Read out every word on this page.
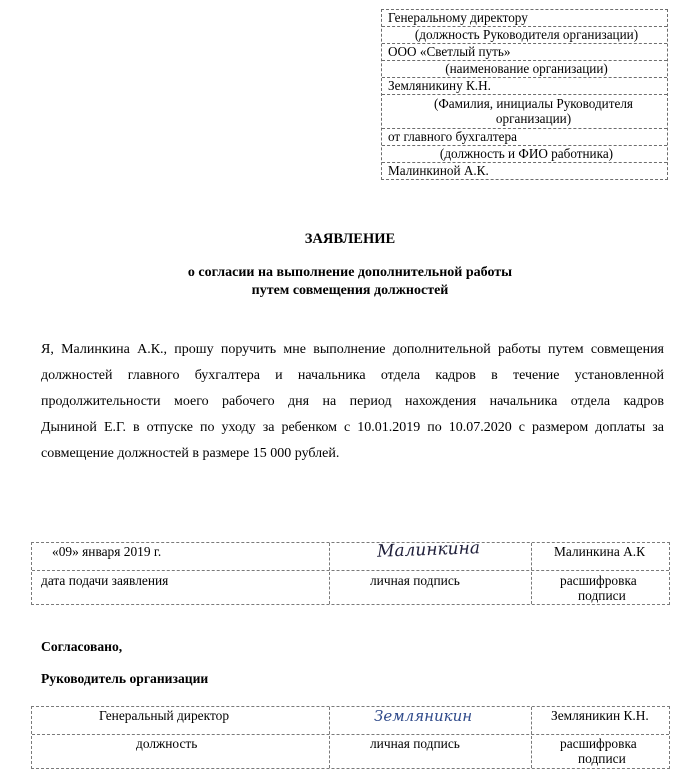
Генеральному директору
(должность Руководителя организации)
ООО «Светлый путь»
(наименование организации)
Земляникину К.Н.
(Фамилия, инициалы Руководителя организации)
от главного бухгалтера
(должность и ФИО работника)
Малинкиной А.К.
ЗАЯВЛЕНИЕ
о согласии на выполнение дополнительной работы
путем совмещения должностей
Я, Малинкина А.К., прошу поручить мне выполнение дополнительной работы путем совмещения
должностей главного бухгалтера и начальника отдела кадров в течение установленной
продолжительности моего рабочего дня на период нахождения начальника отдела кадров
Дыниной Е.Г. в отпуске по уходу за ребенком с 10.01.2019 по 10.07.2020 с размером доплаты за
совмещение должностей в размере 15 000 рублей.
«09» января 2019 г.	Малинкина	Малинкина А.К
дата подачи заявления	личная подпись	расшифровка
подписи
Согласовано,
Руководитель организации
Генеральный директор	Земляникин	Земляникин К.Н.
должность	личная подпись	расшифровка
подписи
